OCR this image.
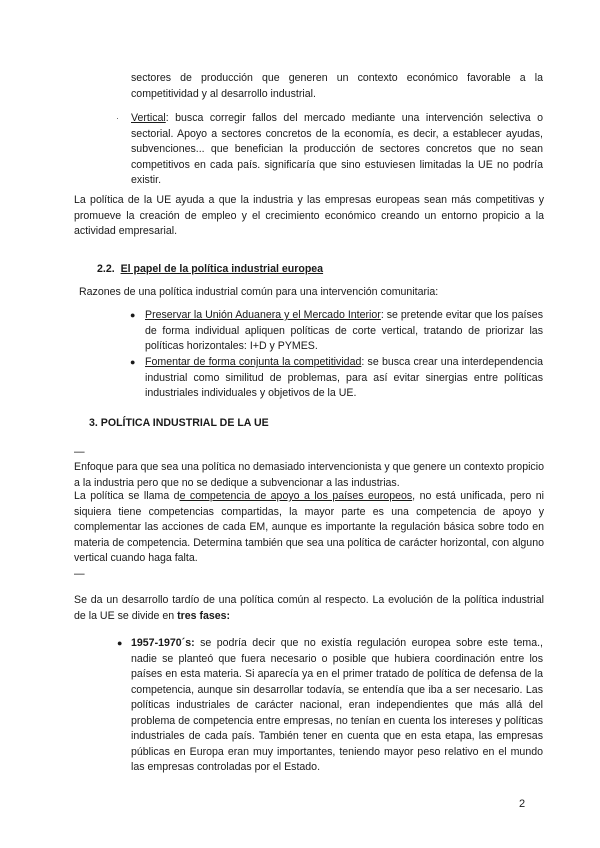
sectores de producción que generen un contexto económico favorable a la competitividad y al desarrollo industrial.

·	Vertical: busca corregir fallos del mercado mediante una intervención selectiva o sectorial. Apoyo a sectores concretos de la economía, es decir, a establecer ayudas, subvenciones... que benefician la producción de sectores concretos que no sean competitivos en cada país. significaría que sino estuviesen limitadas la UE no podría existir.

La política de la UE ayuda a que la industria y las empresas europeas sean más competitivas y promueve la creación de empleo y el crecimiento económico creando un entorno propicio a la actividad empresarial.

2.2. El papel de la política industrial europea

Razones de una política industrial común para una intervención comunitaria:

● Preservar la Unión Aduanera y el Mercado Interior: se pretende evitar que los países de forma individual apliquen políticas de corte vertical, tratando de priorizar las políticas horizontales: I+D y PYMES.

● Fomentar de forma conjunta la competitividad: se busca crear una interdependencia industrial como similitud de problemas, para así evitar sinergias entre políticas industriales individuales y objetivos de la UE.

3. POLÍTICA INDUSTRIAL DE LA UE
—

Enfoque para que sea una política no demasiado intervencionista y que genere un contexto propicio a la industria pero que no se dedique a subvencionar a las industrias.

La política se llama de competencia de apoyo a los países europeos, no está unificada, pero ni siquiera tiene competencias compartidas, la mayor parte es una competencia de apoyo y complementar las acciones de cada EM, aunque es importante la regulación básica sobre todo en materia de competencia. Determina también que sea una política de carácter horizontal, con alguno vertical cuando haga falta.

—

Se da un desarrollo tardío de una política común al respecto. La evolución de la política industrial de la UE se divide en tres fases:

● 1957-1970´s: se podría decir que no existía regulación europea sobre este tema., nadie se planteó que fuera necesario o posible que hubiera coordinación entre los países en esta materia. Si aparecía ya en el primer tratado de política de defensa de la competencia, aunque sin desarrollar todavía, se entendía que iba a ser necesario. Las políticas industriales de carácter nacional, eran independientes que más allá del problema de competencia entre empresas, no tenían en cuenta los intereses y políticas industriales de cada país. También tener en cuenta que en esta etapa, las empresas públicas en Europa eran muy importantes, teniendo mayor peso relativo en el mundo las empresas controladas por el Estado.

2
